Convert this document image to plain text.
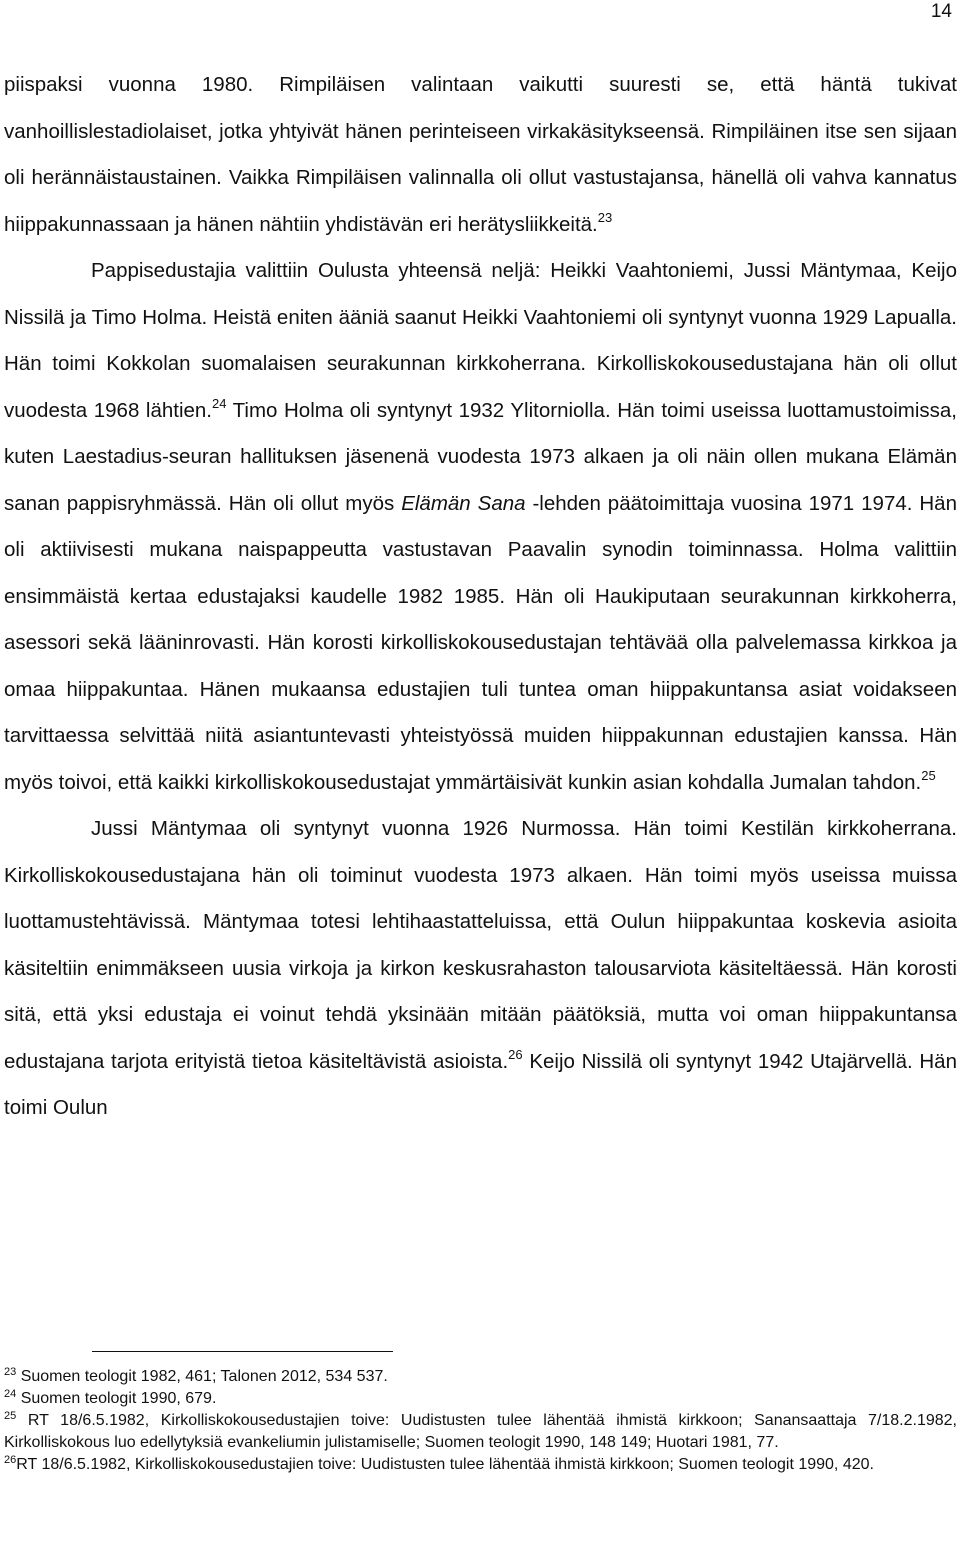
14

piispaksi vuonna 1980. Rimpiläisen valintaan vaikutti suuresti se, että häntä tukivat vanhoillislestadiolaiset, jotka yhtyivät hänen perinteiseen virkakäsitykseensä. Rimpiläinen itse sen sijaan oli herännäistaustainen. Vaikka Rimpiläisen valinnalla oli ollut vastustajansa, hänellä oli vahva kannatus hiippakunnassaan ja hänen nähtiin yhdistävän eri herätysliikkeitä.$^{23}$

Pappisedustajia valittiin Oulusta yhteensä neljä: Heikki Vaahtoniemi, Jussi Mäntymaa, Keijo Nissilä ja Timo Holma. Heistä eniten ääniä saanut Heikki Vaahtoniemi oli syntynyt vuonna 1929 Lapualla. Hän toimi Kokkolan suomalaisen seurakunnan kirkkoherrana. Kirkolliskokousedustajana hän oli ollut vuodesta 1968 lähtien.$^{24}$ Timo Holma oli syntynyt 1932 Ylitorniolla. Hän toimi useissa luottamustoimissa, kuten Laestadius-seuran hallituksen jäsenenä vuodesta 1973 alkaen ja oli näin ollen mukana Elämän sanan pappisryhmässä. Hän oli ollut myös Elämän Sana -lehden päätoimittaja vuosina 1971 1974. Hän oli aktiivisesti mukana naispappeutta vastustavan Paavalin synodin toiminnassa. Holma valittiin ensimmäistä kertaa edustajaksi kaudelle 1982 1985. Hän oli Haukiputaan seurakunnan kirkkoherra, asessori sekä lääninrovasti. Hän korosti kirkolliskokousedustajan tehtävää olla palvelemassa kirkkoa ja omaa hiippakuntaa. Hänen mukaansa edustajien tuli tuntea oman hiippakuntansa asiat voidakseen tarvittaessa selvittää niitä asiantuntevasti yhteistyössä muiden hiippakunnan edustajien kanssa. Hän myös toivoi, että kaikki kirkolliskokousedustajat ymmärtäisivät kunkin asian kohdalla Jumalan tahdon.$^{25}$

Jussi Mäntymaa oli syntynyt vuonna 1926 Nurmossa. Hän toimi Kestilän kirkkoherrana. Kirkolliskokousedustajana hän oli toiminut vuodesta 1973 alkaen. Hän toimi myös useissa muissa luottamustehtävissä. Mäntymaa totesi lehtihaastatteluissa, että Oulun hiippakuntaa koskevia asioita käsiteltiin enimmäkseen uusia virkoja ja kirkon keskusrahaston talousarviota käsiteltäessä. Hän korosti sitä, että yksi edustaja ei voinut tehdä yksinään mitään päätöksiä, mutta voi oman hiippakuntansa edustajana tarjota erityistä tietoa käsiteltävistä asioista.$^{26}$ Keijo Nissilä oli syntynyt 1942 Utajärvellä. Hän toimi Oulun

$^{23}$ Suomen teologit 1982, 461; Talonen 2012, 534 537.

$^{24}$ Suomen teologit 1990, 679.

$^{25}$ RT 18/6.5.1982, Kirkolliskokousedustajien toive: Uudistusten tulee lähentää ihmistä kirkkoon; Sanansaattaja 7/18.2.1982, Kirkolliskokous luo edellytyksiä evankeliumin julistamiselle; Suomen teologit 1990, 148 149; Huotari 1981, 77.

$^{26}$RT 18/6.5.1982, Kirkolliskokousedustajien toive: Uudistusten tulee lähentää ihmistä kirkkoon; Suomen teologit 1990, 420.
